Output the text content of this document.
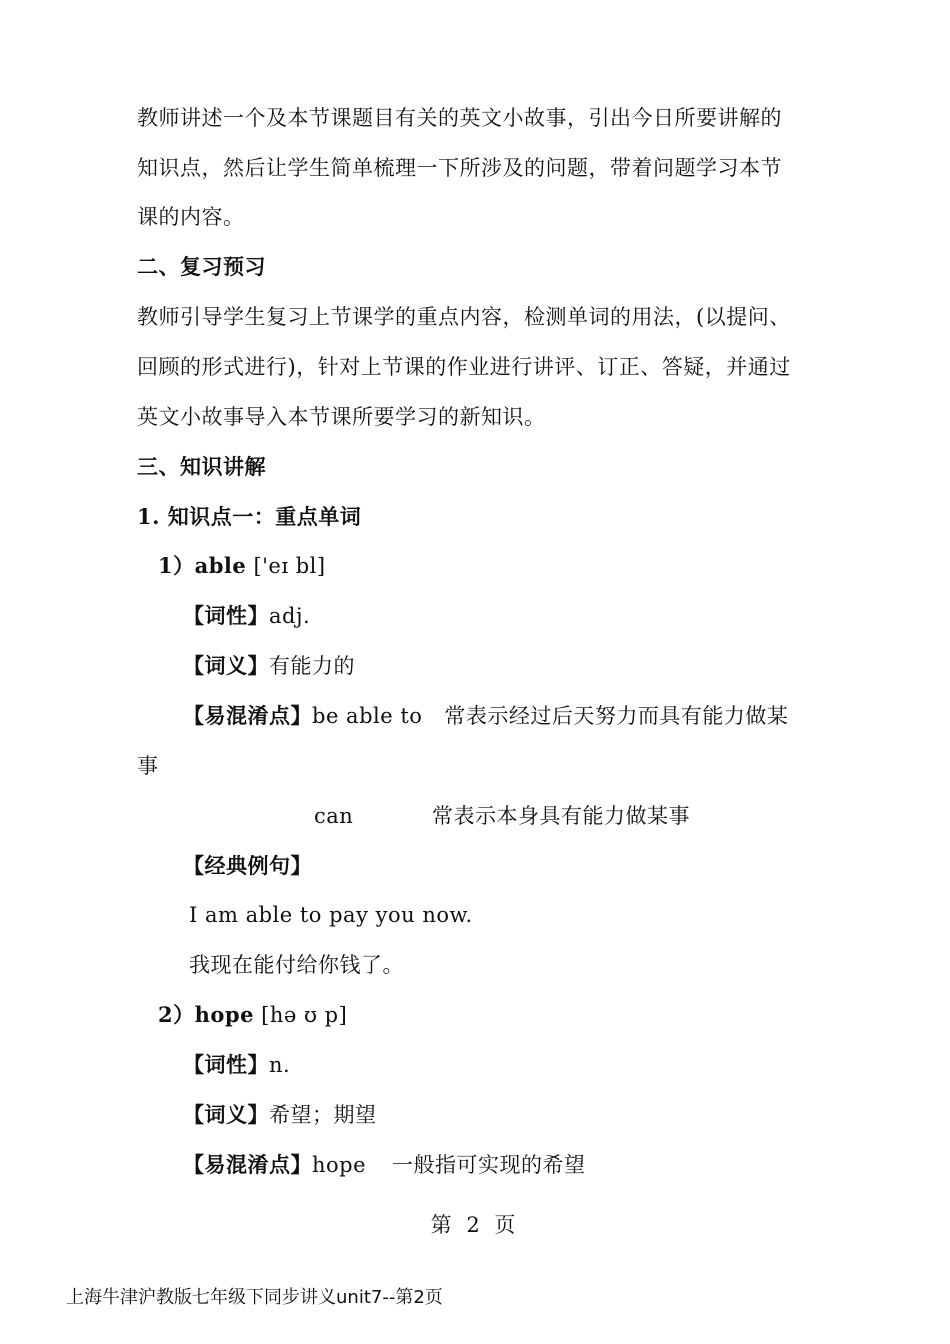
教师讲述一个及本节课题目有关的英文小故事，引出今日所要讲解的
知识点，然后让学生简单梳理一下所涉及的问题，带着问题学习本节
课的内容。
二、复习预习
教师引导学生复习上节课学的重点内容，检测单词的用法，(以提问、
回顾的形式进行)，针对上节课的作业进行讲评、订正、答疑，并通过
英文小故事导入本节课所要学习的新知识。
三、知识讲解
1. 知识点一：重点单词
1）able ['eɪ bl]
【词性】adj.
【词义】有能力的
【易混淆点】be able to 常表示经过后天努力而具有能力做某
事
can	常表示本身具有能力做某事
【经典例句】
I am able to pay you now.
我现在能付给你钱了。
2）hope [hə ʊ p]
【词性】n.
【词义】希望；期望
【易混淆点】hope 一般指可实现的希望
第 2 页
上海牛津沪教版七年级下同步讲义unit7--第2页
